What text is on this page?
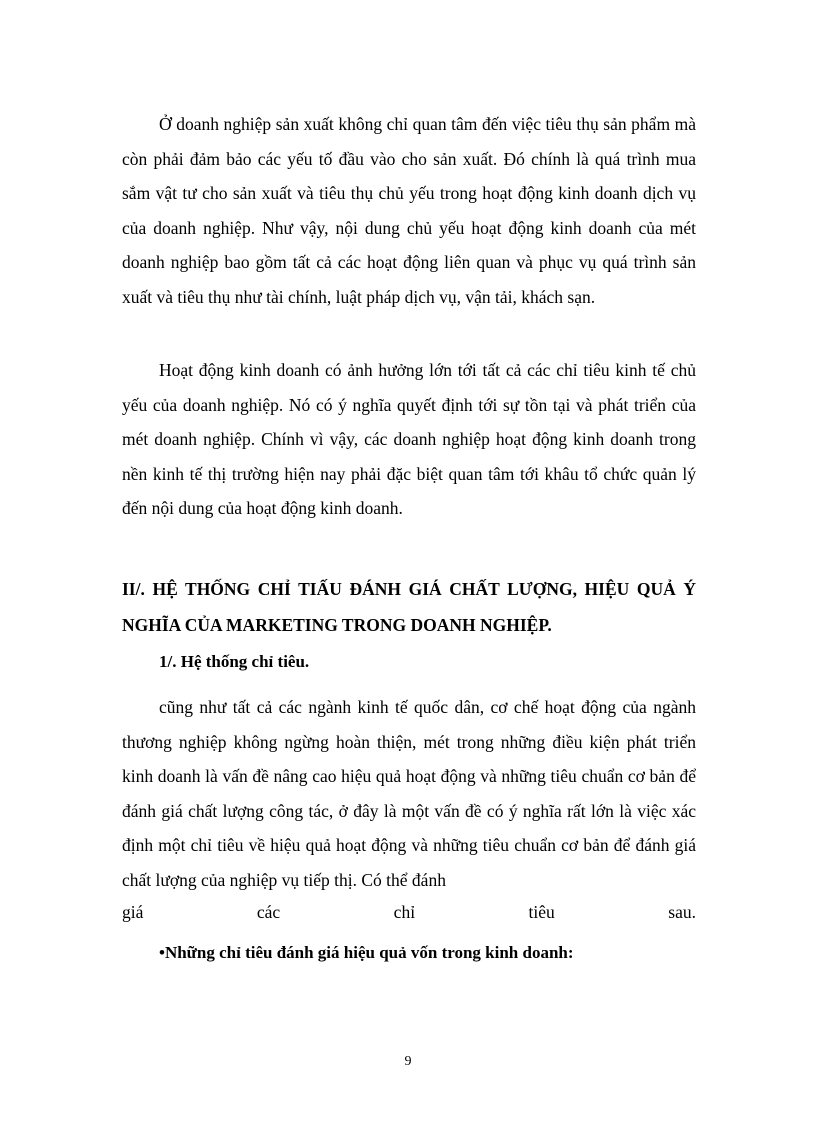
Ở doanh nghiệp sản xuất không chỉ quan tâm đến việc tiêu thụ sản phẩm mà còn phải đảm bảo các yếu tố đầu vào cho sản xuất. Đó chính là quá trình mua sắm vật tư cho sản xuất và tiêu thụ chủ yếu trong hoạt động kinh doanh dịch vụ của doanh nghiệp. Như vậy, nội dung chủ yếu hoạt động kinh doanh của mét doanh nghiệp bao gồm tất cả các hoạt động liên quan và phục vụ quá trình sản xuất và tiêu thụ như tài chính, luật pháp dịch vụ, vận tải, khách sạn.

Hoạt động kinh doanh có ảnh hưởng lớn tới tất cả các chỉ tiêu kinh tế chủ yếu của doanh nghiệp. Nó có ý nghĩa quyết định tới sự tồn tại và phát triển của mét doanh nghiệp. Chính vì vậy, các doanh nghiệp hoạt động kinh doanh trong nền kinh tế thị trường hiện nay phải đặc biệt quan tâm tới khâu tổ chức quản lý đến nội dung của hoạt động kinh doanh.

II/. HỆ THỐNG CHỈ TIẤU ĐÁNH GIÁ CHẤT LƯỢNG, HIỆU QUẢ Ý NGHĨA CỦA MARKETING TRONG DOANH NGHIỆP.

1/. Hệ thống chỉ tiêu.

cũng như tất cả các ngành kinh tế quốc dân, cơ chế hoạt động của ngành thương nghiệp không ngừng hoàn thiện, mét trong những điều kiện phát triển kinh doanh là vấn đề nâng cao hiệu quả hoạt động và những tiêu chuẩn cơ bản để đánh giá chất lượng công tác, ở đây là một vấn đề có ý nghĩa rất lớn là việc xác định một chỉ tiêu về hiệu quả hoạt động và những tiêu chuẩn cơ bản để đánh giá chất lượng của nghiệp vụ tiếp thị. Có thể đánh

giá	các	chỉ	tiêu	sau.

•Những chỉ tiêu đánh giá hiệu quả vốn trong kinh doanh:

9
